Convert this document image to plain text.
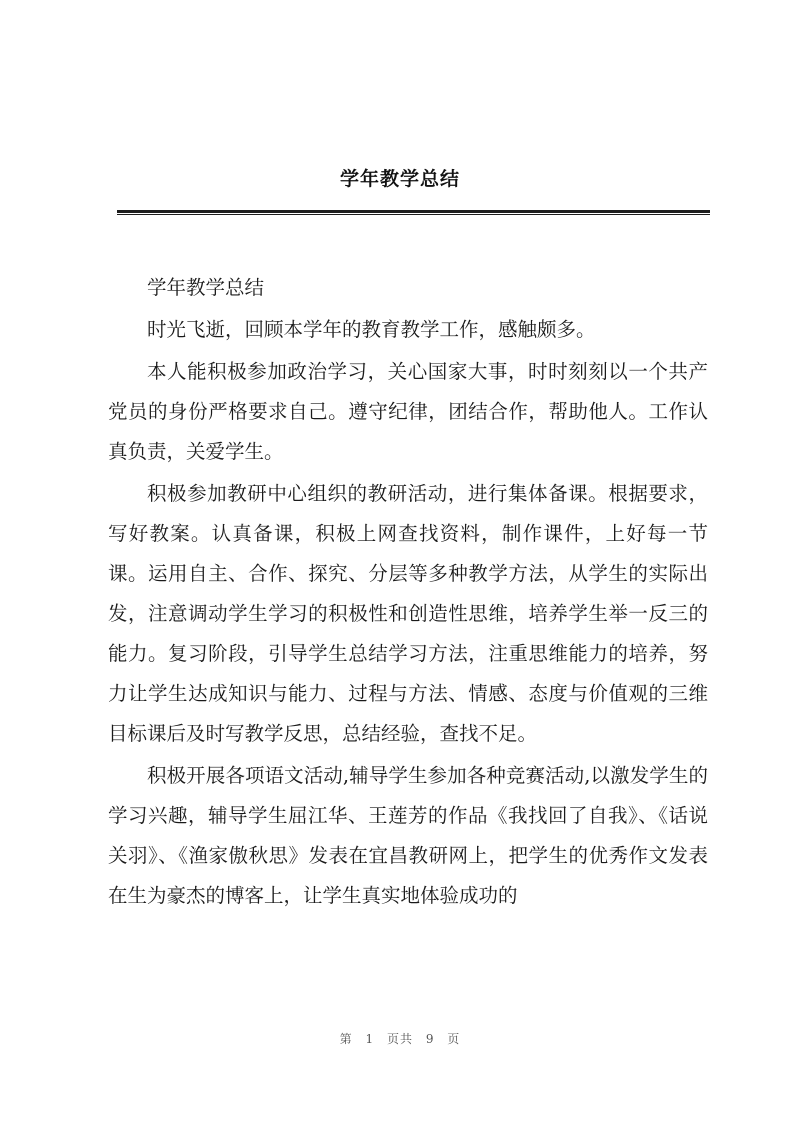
学年教学总结

学年教学总结

时光飞逝，回顾本学年的教育教学工作，感触颇多。

本人能积极参加政治学习，关心国家大事，时时刻刻以一个共产党员的身份严格要求自己。遵守纪律，团结合作，帮助他人。工作认真负责，关爱学生。

积极参加教研中心组织的教研活动，进行集体备课。根据要求，写好教案。认真备课，积极上网查找资料，制作课件，上好每一节课。运用自主、合作、探究、分层等多种教学方法，从学生的实际出发，注意调动学生学习的积极性和创造性思维，培养学生举一反三的能力。复习阶段，引导学生总结学习方法，注重思维能力的培养，努力让学生达成知识与能力、过程与方法、情感、态度与价值观的三维目标课后及时写教学反思，总结经验，查找不足。

积极开展各项语文活动,辅导学生参加各种竞赛活动,以激发学生的学习兴趣，辅导学生屈江华、王莲芳的作品《我找回了自我》、《话说关羽》、《渔家傲秋思》发表在宜昌教研网上，把学生的优秀作文发表在生为豪杰的博客上，让学生真实地体验成功的

第 1 页共 9 页
